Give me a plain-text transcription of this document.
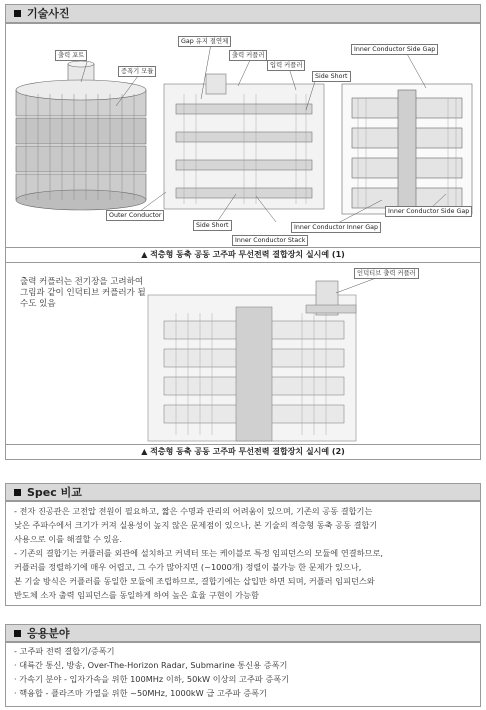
기술사진
출력 포트
증폭기 모듈
Gap 유지 절연체
출력 커플러
입력 커플러
Side Short
Inner Conductor Side Gap
Outer Conductor
Side Short	Inner Conductor Inner Gap
Inner Conductor Side Gap
Inner Conductor Stack
▲ 적층형 동축 공동 고주파 무선전력 결합장치 실시예 (1)
출력 커플러는 전기장을 고려하여
그림과 같이 인덕티브 커플러가 될
수도 있음
인덕티브 출력 커플러
▲ 적층형 동축 공동 고주파 무선전력 결합장치 실시예 (2)
Spec 비교
- 전자 진공관은 고전압 전원이 필요하고, 짧은 수명과 관리의 어려움이 있으며, 기존의 공동 결합기는
낮은 주파수에서 크기가 커져 실용성이 높지 않은 문제점이 있으나, 본 기술의 적층형 동축 공동 결합기
사용으로 이를 해결할 수 있음.
- 기존의 결합기는 커플러를 외관에 설치하고 커넥터 또는 케이블로 특정 임피던스의 모듈에 연결하므로,
커플러를 정렬하기에 매우 어렵고, 그 수가 많아지면 (~1000개) 정렬이 불가능 한 문제가 있으나,
본 기술 방식은 커플러를 동일한 모듈에 조립하므로, 결합기에는 삽입만 하면 되며, 커플러 임피던스와
반도체 소자 출력 임피던스를 동일하게 하여 높은 효율 구현이 가능함
응용분야
- 고주파 전력 결합기/증폭기
· 대륙간 통신, 방송, Over-The-Horizon Radar, Submarine 통신용 증폭기
· 가속기 분야 - 입자가속을 위한 100MHz 이하, 50kW 이상의 고주파 증폭기
· 핵융합 - 플라즈마 가열을 위한 ~50MHz, 1000kW 급 고주파 증폭기
